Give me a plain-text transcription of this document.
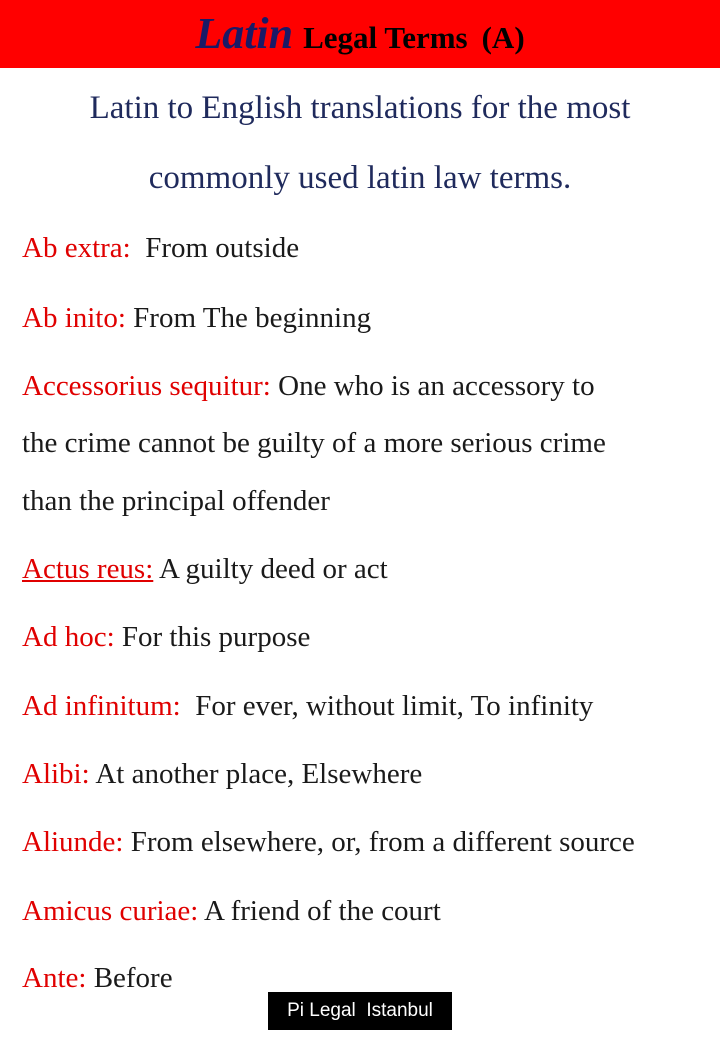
Latin Legal Terms (A)
Latin to English translations for the most
commonly used latin law terms.
Ab extra: From outside
Ab inito: From The beginning
Accessorius sequitur: One who is an accessory to
the crime cannot be guilty of a more serious crime
than the principal offender
Actus reus: A guilty deed or act
Ad hoc: For this purpose
Ad infinitum: For ever, without limit, To infinity
Alibi: At another place, Elsewhere
Aliunde: From elsewhere, or, from a different source
Amicus curiae: A friend of the court
Ante: Before
Pi Legal  Istanbul
